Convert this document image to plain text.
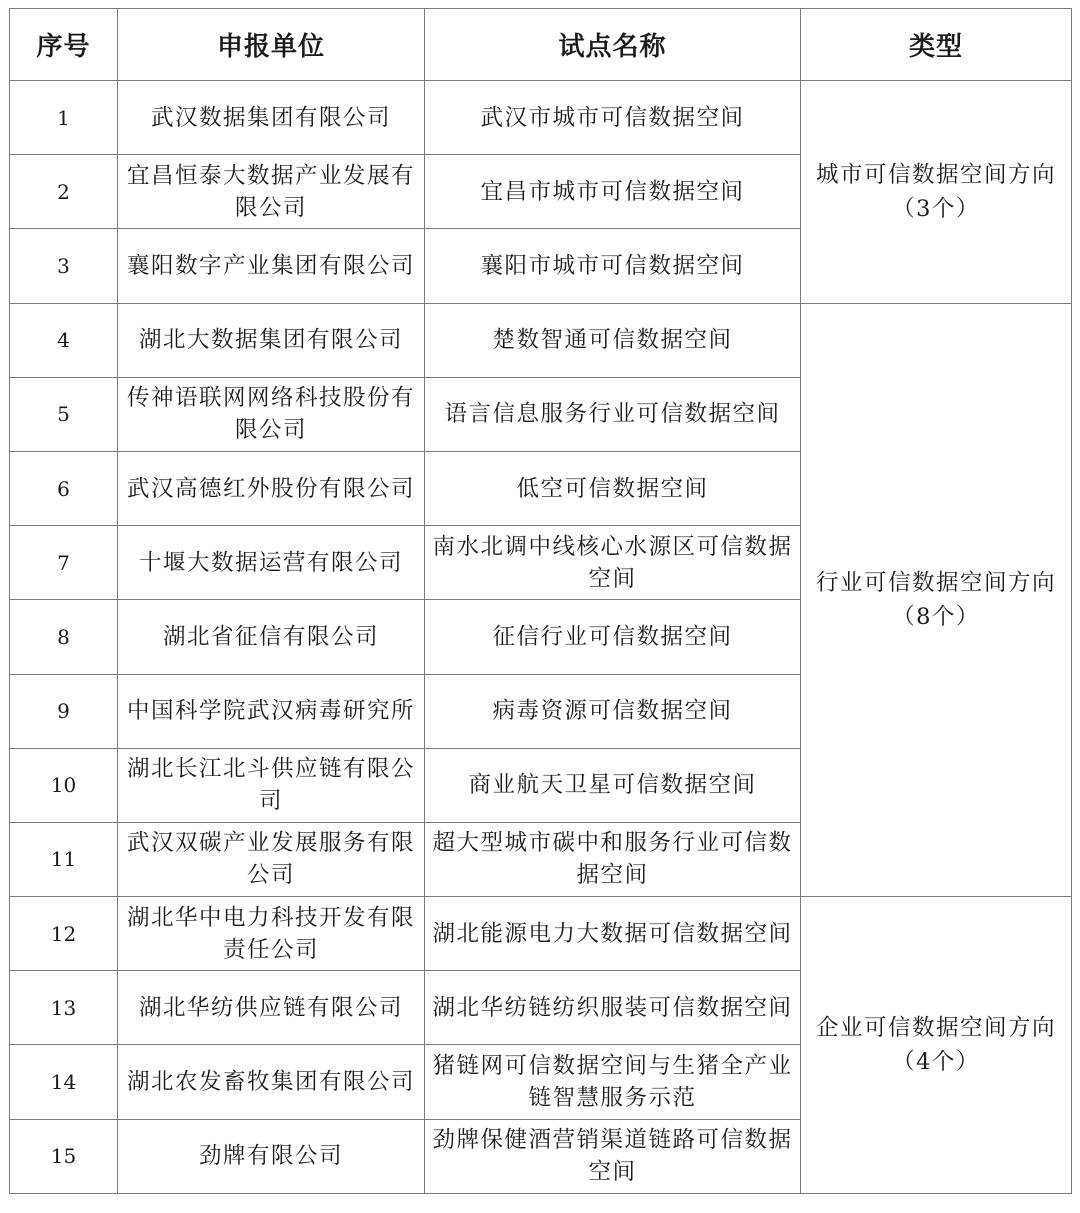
序号	申报单位	试点名称	类型
1	武汉数据集团有限公司	武汉市城市可信数据空间	城市可信数据空间方向
（3个）

2	宜昌恒泰大数据产业发展有限公司	宜昌市城市可信数据空间	
3	襄阳数字产业集团有限公司	襄阳市城市可信数据空间	
4	湖北大数据集团有限公司	楚数智通可信数据空间	行业可信数据空间方向
（8个）

5	传神语联网网络科技股份有限公司	语言信息服务行业可信数据空间	
6	武汉高德红外股份有限公司	低空可信数据空间	
7	十堰大数据运营有限公司	南水北调中线核心水源区可信数据空间	
8	湖北省征信有限公司	征信行业可信数据空间	
9	中国科学院武汉病毒研究所	病毒资源可信数据空间	
10	湖北长江北斗供应链有限公司	商业航天卫星可信数据空间	
11	武汉双碳产业发展服务有限公司	超大型城市碳中和服务行业可信数据空间	
12	湖北华中电力科技开发有限责任公司	湖北能源电力大数据可信数据空间	企业可信数据空间方向
（4个）

13	湖北华纺供应链有限公司	湖北华纺链纺织服装可信数据空间	
14	湖北农发畜牧集团有限公司	猪链网可信数据空间与生猪全产业链智慧服务示范	
15	劲牌有限公司	劲牌保健酒营销渠道链路可信数据空间	
